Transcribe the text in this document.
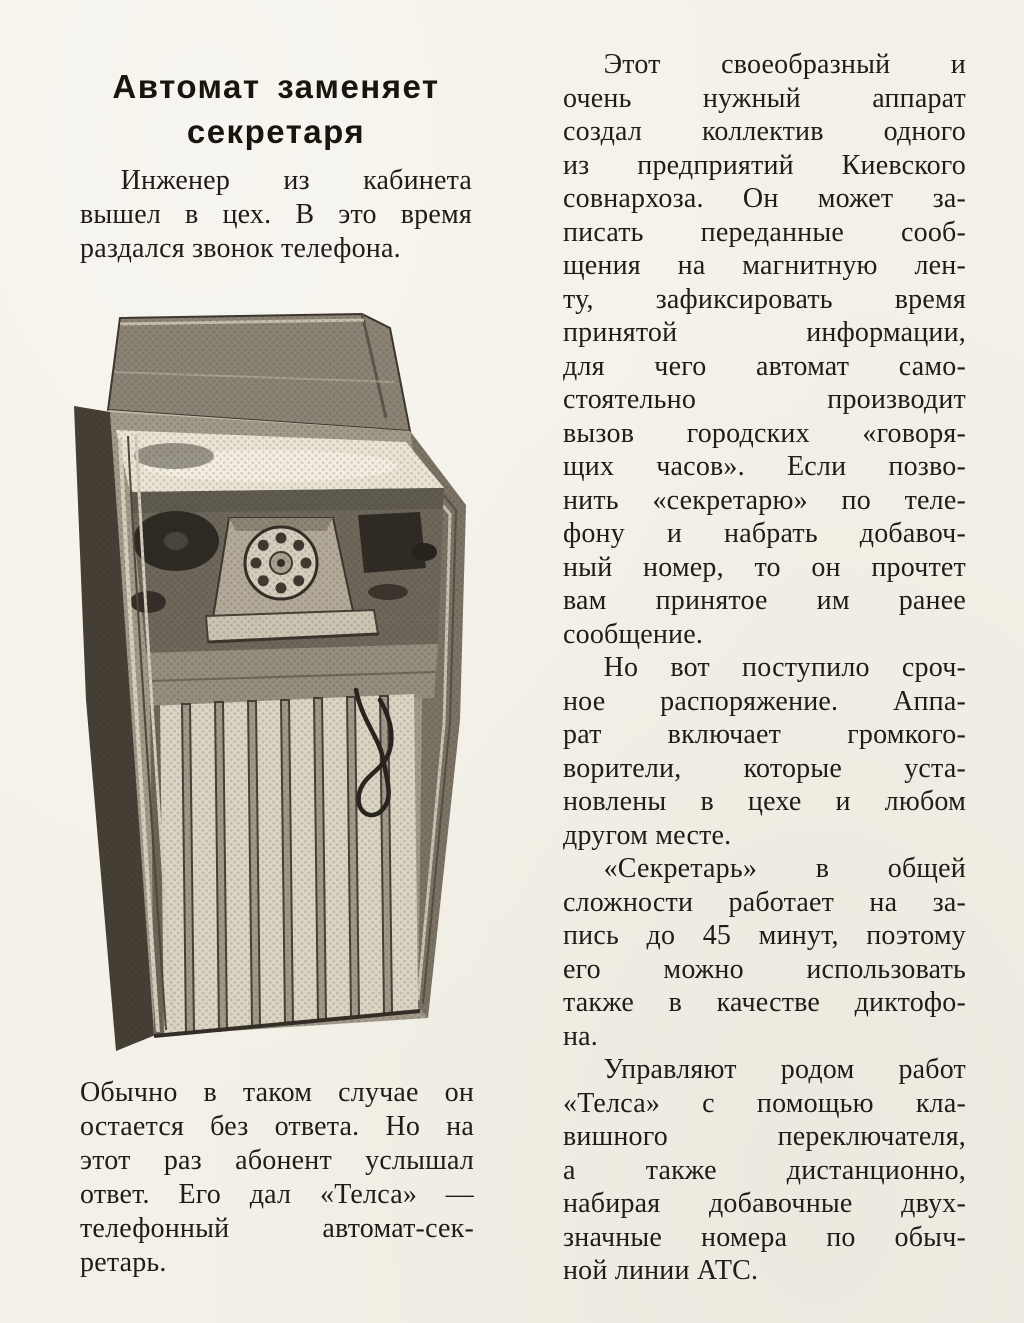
Автомат заменяет
секретаря
Инженер из кабинета
вышел в цех. В это время
раздался звонок телефона.
Обычно в таком случае он
остается без ответа. Но на
этот раз абонент услышал
ответ. Его дал «Телса» —
телефонный автомат-сек-
ретарь.
Этот своеобразный и
очень нужный аппарат
создал коллектив одного
из предприятий Киевского
совнархоза. Он может за-
писать переданные сооб-
щения на магнитную лен-
ту, зафиксировать время
принятой информации,
для чего автомат само-
стоятельно производит
вызов городских «говоря-
щих часов». Если позво-
нить «секретарю» по теле-
фону и набрать добавоч-
ный номер, то он прочтет
вам принятое им ранее
сообщение.
Но вот поступило сроч-
ное распоряжение. Аппа-
рат включает громкого-
ворители, которые уста-
новлены в цехе и любом
другом месте.
«Секретарь» в общей
сложности работает на за-
пись до 45 минут, поэтому
его можно использовать
также в качестве диктофо-
на.
Управляют родом работ
«Телса» с помощью кла-
вишного переключателя,
а также дистанционно,
набирая добавочные двух-
значные номера по обыч-
ной линии АТС.
